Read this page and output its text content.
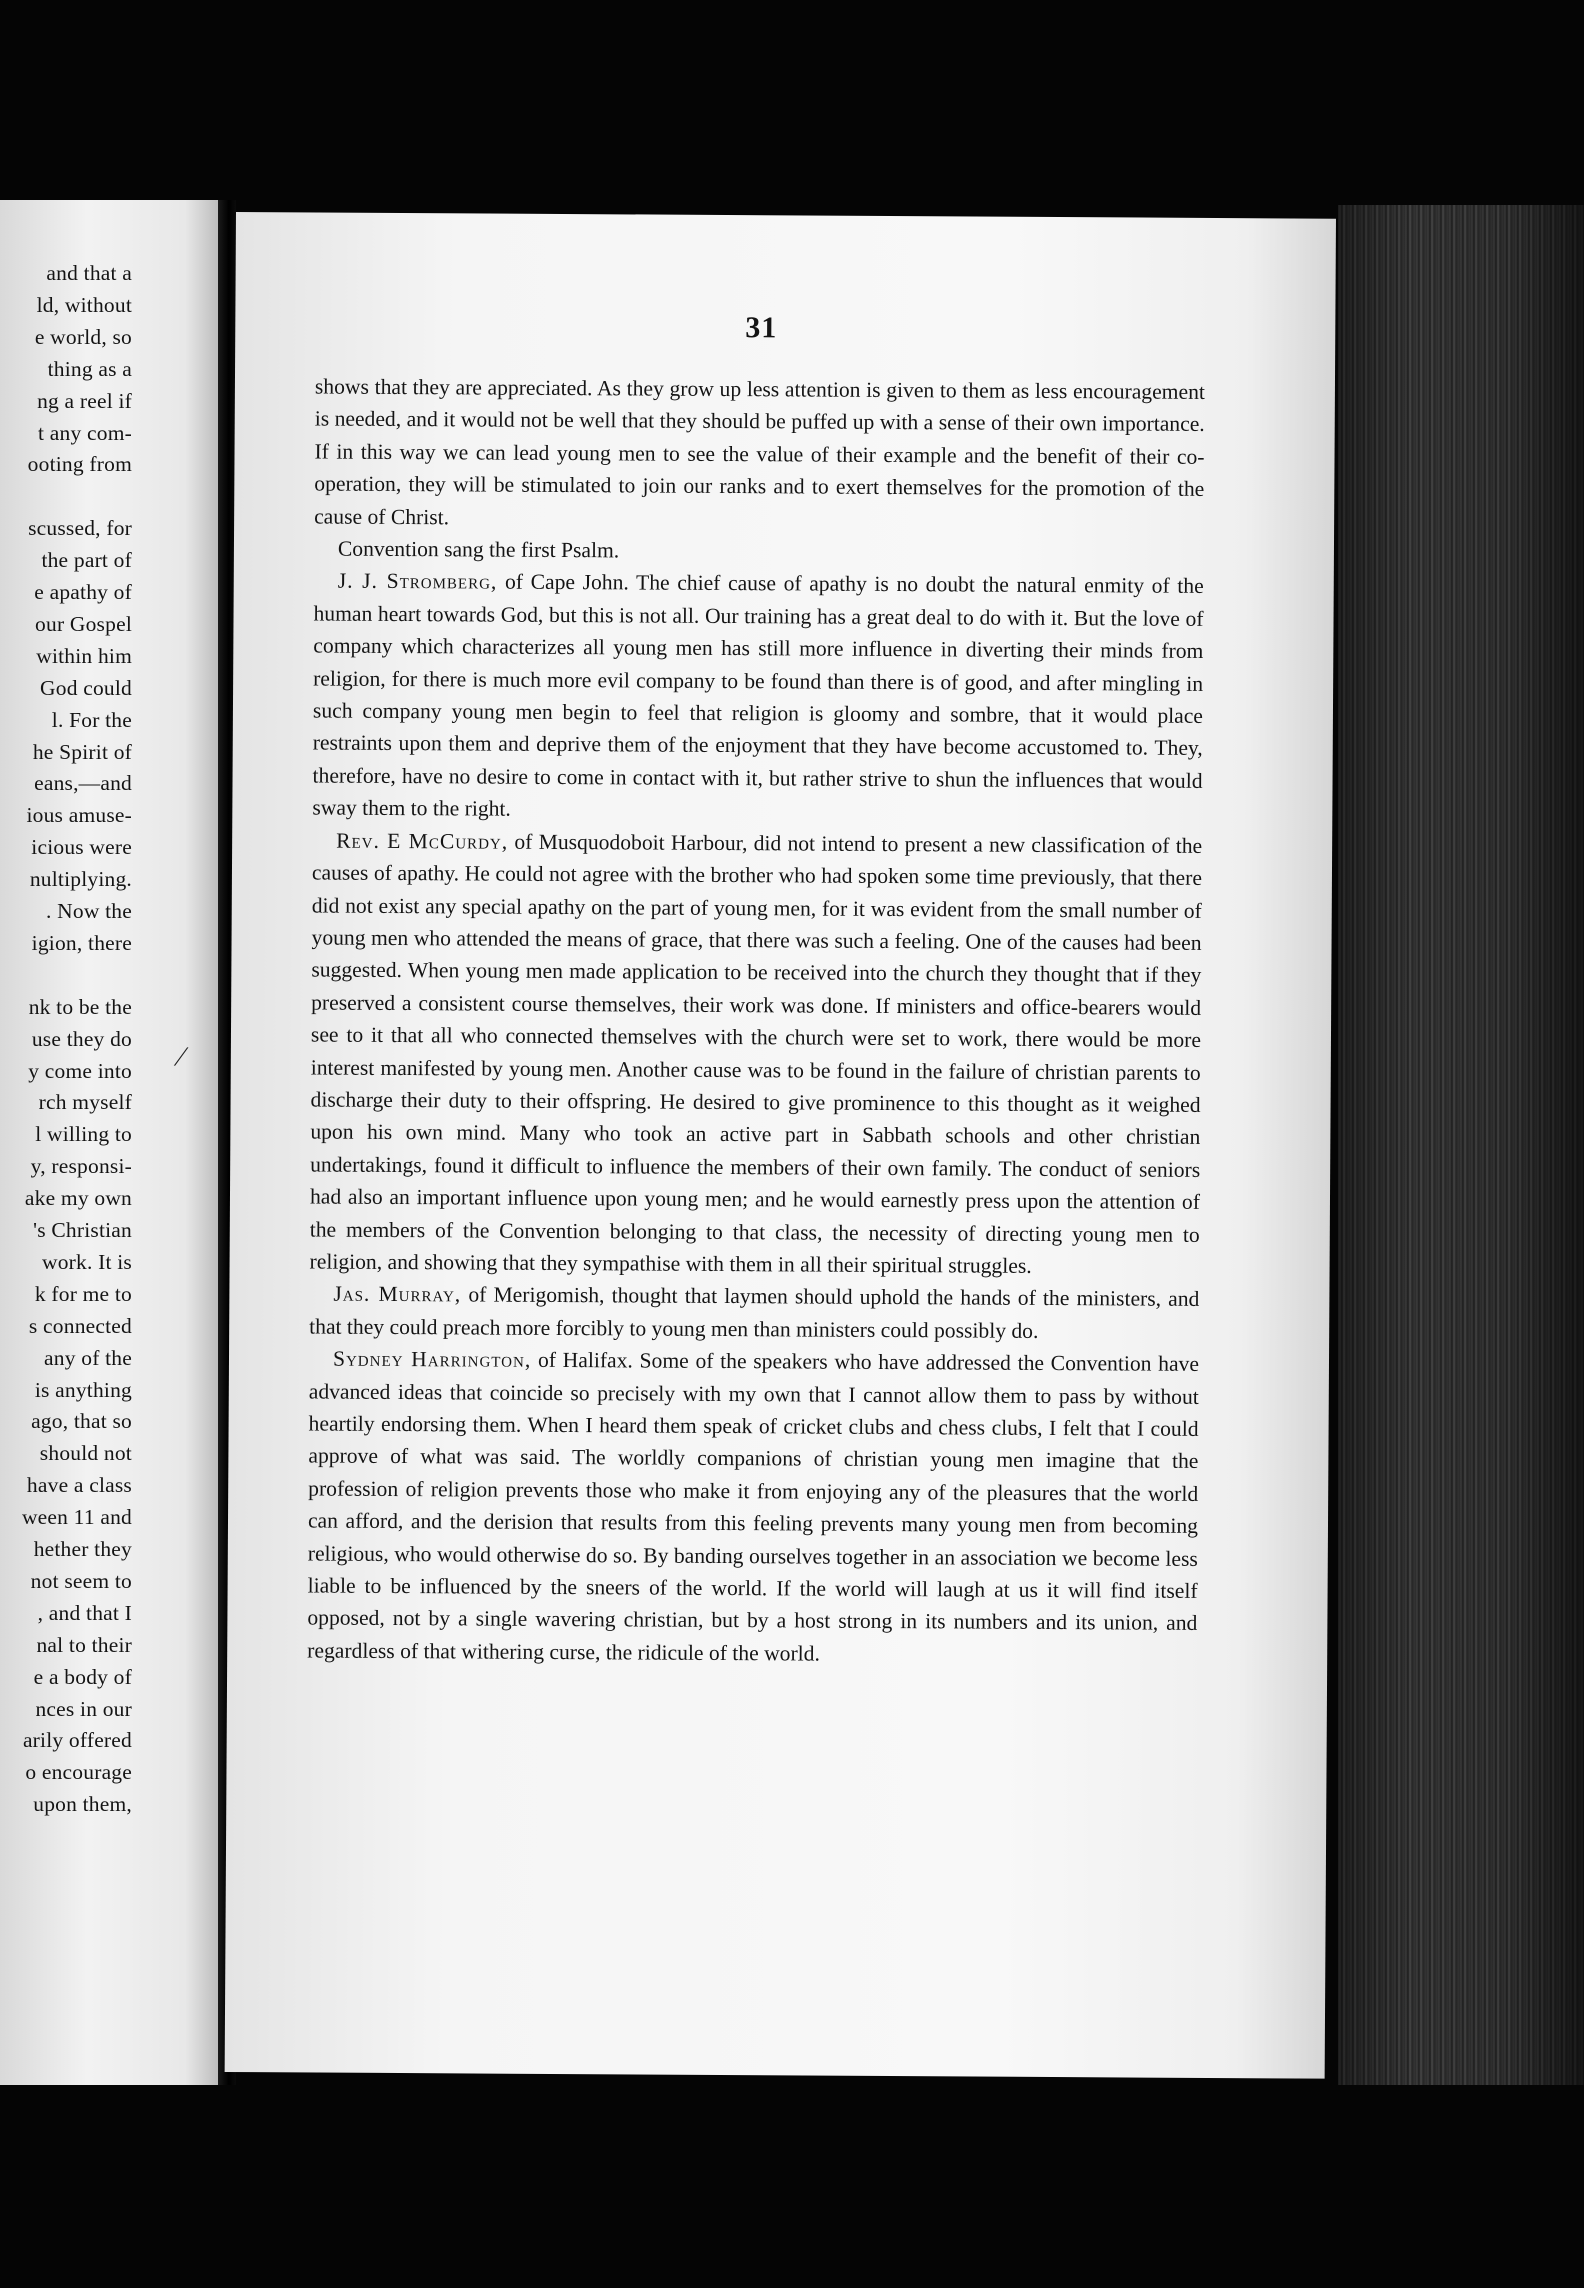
and that a
ld, without
e world, so
thing as a
ng a reel if
t any com-
ooting from
scussed, for
the part of
e apathy of
our Gospel
within him
God could
l. For the
he Spirit of
eans,—and
ious amuse-
icious were
nultiplying.
. Now the
igion, there
nk to be the
use they do
y come into
rch myself
l willing to
y, responsi-
ake my own
's Christian
work. It is
k for me to
s connected
any of the
is anything
ago, that so
should not
have a class
ween 11 and
hether they
not seem to
, and that I
nal to their
e a body of
nces in our
arily offered
o encourage
upon them,
31

shows that they are appreciated. As they grow up less attention is given to them as less encouragement is needed, and it would not be well that they should be puffed up with a sense of their own importance. If in this way we can lead young men to see the value of their example and the benefit of their co-operation, they will be stimulated to join our ranks and to exert themselves for the promotion of the cause of Christ.

Convention sang the first Psalm.

J. J. Stromberg, of Cape John. The chief cause of apathy is no doubt the natural enmity of the human heart towards God, but this is not all. Our training has a great deal to do with it. But the love of company which characterizes all young men has still more influence in diverting their minds from religion, for there is much more evil company to be found than there is of good, and after mingling in such company young men begin to feel that religion is gloomy and sombre, that it would place restraints upon them and deprive them of the enjoyment that they have become accustomed to. They, therefore, have no desire to come in contact with it, but rather strive to shun the influences that would sway them to the right.

Rev. E McCurdy, of Musquodoboit Harbour, did not intend to present a new classification of the causes of apathy. He could not agree with the brother who had spoken some time previously, that there did not exist any special apathy on the part of young men, for it was evident from the small number of young men who attended the means of grace, that there was such a feeling. One of the causes had been suggested. When young men made application to be received into the church they thought that if they preserved a consistent course themselves, their work was done. If ministers and office-bearers would see to it that all who connected themselves with the church were set to work, there would be more interest manifested by young men. Another cause was to be found in the failure of christian parents to discharge their duty to their offspring. He desired to give prominence to this thought as it weighed upon his own mind. Many who took an active part in Sabbath schools and other christian undertakings, found it difficult to influence the members of their own family. The conduct of seniors had also an important influence upon young men; and he would earnestly press upon the attention of the members of the Convention belonging to that class, the necessity of directing young men to religion, and showing that they sympathise with them in all their spiritual struggles.

Jas. Murray, of Merigomish, thought that laymen should uphold the hands of the ministers, and that they could preach more forcibly to young men than ministers could possibly do.

Sydney Harrington, of Halifax. Some of the speakers who have addressed the Convention have advanced ideas that coincide so precisely with my own that I cannot allow them to pass by without heartily endorsing them. When I heard them speak of cricket clubs and chess clubs, I felt that I could approve of what was said. The worldly companions of christian young men imagine that the profession of religion prevents those who make it from enjoying any of the pleasures that the world can afford, and the derision that results from this feeling prevents many young men from becoming religious, who would otherwise do so. By banding ourselves together in an association we become less liable to be influenced by the sneers of the world. If the world will laugh at us it will find itself opposed, not by a single wavering christian, but by a host strong in its numbers and its union, and regardless of that withering curse, the ridicule of the world.

⁄
